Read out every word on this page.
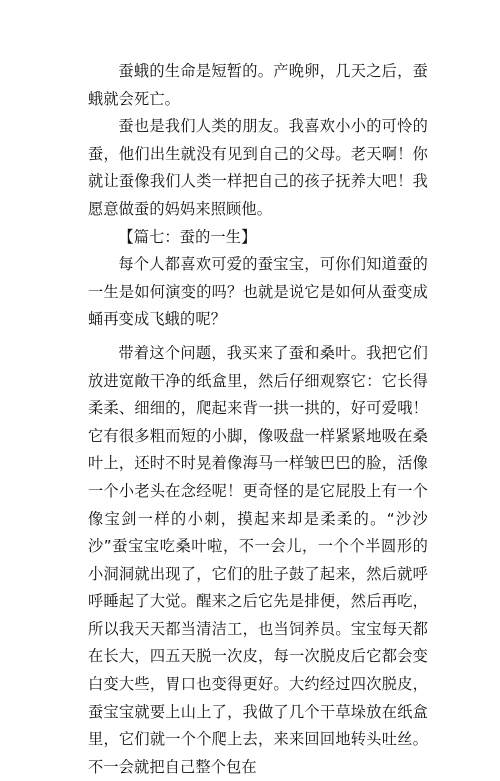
蚕蛾的生命是短暂的。产晚卵，几天之后，蚕蛾就会死亡。

蚕也是我们人类的朋友。我喜欢小小的可怜的蚕，他们出生就没有见到自己的父母。老天啊！你就让蚕像我们人类一样把自己的孩子抚养大吧！我愿意做蚕的妈妈来照顾他。

【篇七：蚕的一生】

每个人都喜欢可爱的蚕宝宝，可你们知道蚕的一生是如何演变的吗？也就是说它是如何从蚕变成蛹再变成飞蛾的呢？

带着这个问题，我买来了蚕和桑叶。我把它们放进宽敞干净的纸盒里，然后仔细观察它：它长得柔柔、细细的，爬起来背一拱一拱的，好可爱哦！它有很多粗而短的小脚，像吸盘一样紧紧地吸在桑叶上，还时不时晃着像海马一样皱巴巴的脸，活像一个小老头在念经呢！更奇怪的是它屁股上有一个像宝剑一样的小刺，摸起来却是柔柔的。“沙沙沙”蚕宝宝吃桑叶啦，不一会儿，一个个半圆形的小洞洞就出现了，它们的肚子鼓了起来，然后就呼呼睡起了大觉。醒来之后它先是排便，然后再吃，所以我天天都当清洁工，也当饲养员。宝宝每天都在长大，四五天脱一次皮，每一次脱皮后它都会变白变大些，胃口也变得更好。大约经过四次脱皮，蚕宝宝就要上山上了，我做了几个干草垛放在纸盒里，它们就一个个爬上去，来来回回地转头吐丝。不一会就把自己整个包在
